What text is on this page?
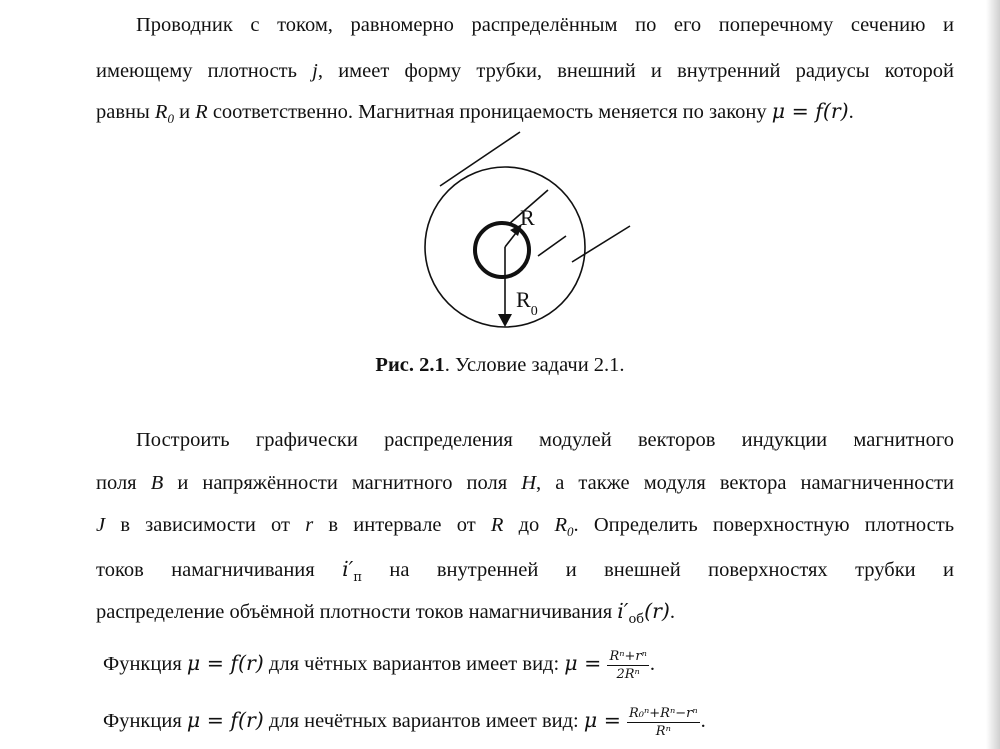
Проводник с током, равномерно распределённым по его поперечному сечению и
имеющему плотность j, имеет форму трубки, внешний и внутренний радиусы которой
равны $R_0$ и R соответственно. Магнитная проницаемость меняется по закону μ = f(r).
R
$R_0$
Рис. 2.1. Условие задачи 2.1.
Построить графически распределения модулей векторов индукции магнитного
поля B и напряжённости магнитного поля H, а также модуля вектора намагниченности
J в зависимости от r в интервале от R до $R_0$. Определить поверхностную плотность
токов намагничивания $i'_п$ на внутренней и внешней поверхностях трубки и
распределение объёмной плотности токов намагничивания $i'_{об}(r)$.
Функция μ = f(r) для чётных вариантов имеет вид: $\mu = \frac{\text{Rⁿ+rⁿ}}{\text{2Rⁿ}}$ .
Функция μ = f(r) для нечётных вариантов имеет вид: $\mu = \frac{\text{R₀ⁿ+Rⁿ−rⁿ}}{\text{Rⁿ}}$ .
